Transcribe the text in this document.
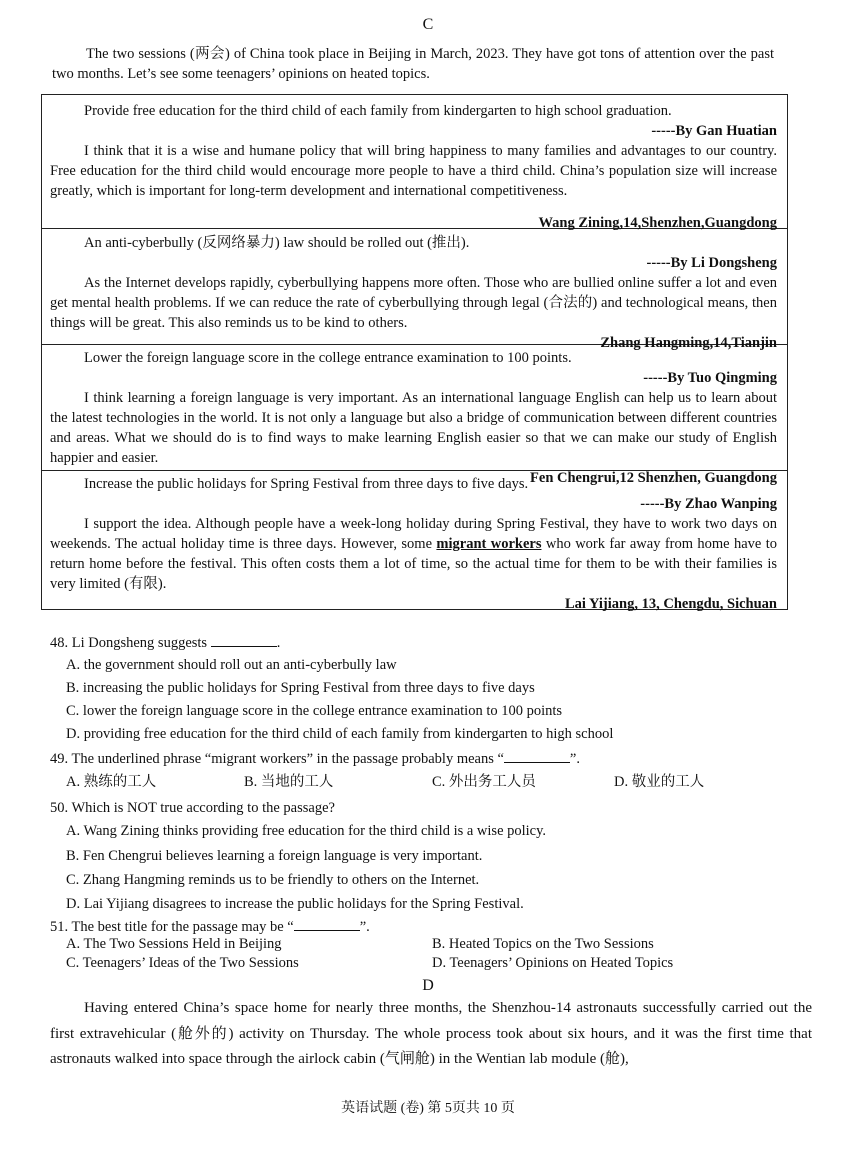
C
The two sessions (两会) of China took place in Beijing in March, 2023. They have got tons of attention over the past two months. Let’s see some teenagers’ opinions on heated topics.
Provide free education for the third child of each family from kindergarten to high school graduation.
-----By Gan Huatian
I think that it is a wise and humane policy that will bring happiness to many families and advantages to our country. Free education for the third child would encourage more people to have a third child. China’s population size will increase greatly, which is important for long-term development and international competitiveness.
Wang Zining,14,Shenzhen,Guangdong
An anti-cyberbully (反网络暴力) law should be rolled out (推出).
-----By Li Dongsheng
As the Internet develops rapidly, cyberbullying happens more often. Those who are bullied online suffer a lot and even get mental health problems. If we can reduce the rate of cyberbullying through legal (合法的) and technological means, then things will be great. This also reminds us to be kind to others.
Zhang Hangming,14,Tianjin
Lower the foreign language score in the college entrance examination to 100 points.
-----By Tuo Qingming
I think learning a foreign language is very important. As an international language English can help us to learn about the latest technologies in the world. It is not only a language but also a bridge of communication between different countries and areas. What we should do is to find ways to make learning English easier so that we can make our study of English happier and easier.
Fen Chengrui,12 Shenzhen, Guangdong
Increase the public holidays for Spring Festival from three days to five days.
-----By Zhao Wanping
I support the idea. Although people have a week-long holiday during Spring Festival, they have to work two days on weekends. The actual holiday time is three days. However, some migrant workers who work far away from home have to return home before the festival. This often costs them a lot of time, so the actual time for them to be with their families is very limited (有限).
Lai Yijiang, 13, Chengdu, Sichuan
48. Li Dongsheng suggests	.
A. the government should roll out an anti-cyberbully law
B. increasing the public holidays for Spring Festival from three days to five days
C. lower the foreign language score in the college entrance examination to 100 points
D. providing free education for the third child of each family from kindergarten to high school
49. The underlined phrase “migrant workers” in the passage probably means “	”.
A. 熟练的工人	B. 当地的工人	C. 外出务工人员	D. 敬业的工人
50. Which is NOT true according to the passage?
A. Wang Zining thinks providing free education for the third child is a wise policy.
B. Fen Chengrui believes learning a foreign language is very important.
C. Zhang Hangming reminds us to be friendly to others on the Internet.
D. Lai Yijiang disagrees to increase the public holidays for the Spring Festival.
51. The best title for the passage may be “	”.
A. The Two Sessions Held in Beijing	B. Heated Topics on the Two Sessions
C. Teenagers’ Ideas of the Two Sessions	D. Teenagers’ Opinions on Heated Topics
D
Having entered China’s space home for nearly three months, the Shenzhou-14 astronauts successfully carried out the first extravehicular (舱外的) activity on Thursday. The whole process took about six hours, and it was the first time that astronauts walked into space through the airlock cabin (气闸舱) in the Wentian lab module (舱),
英语试题 (卷) 第 5页共 10 页
